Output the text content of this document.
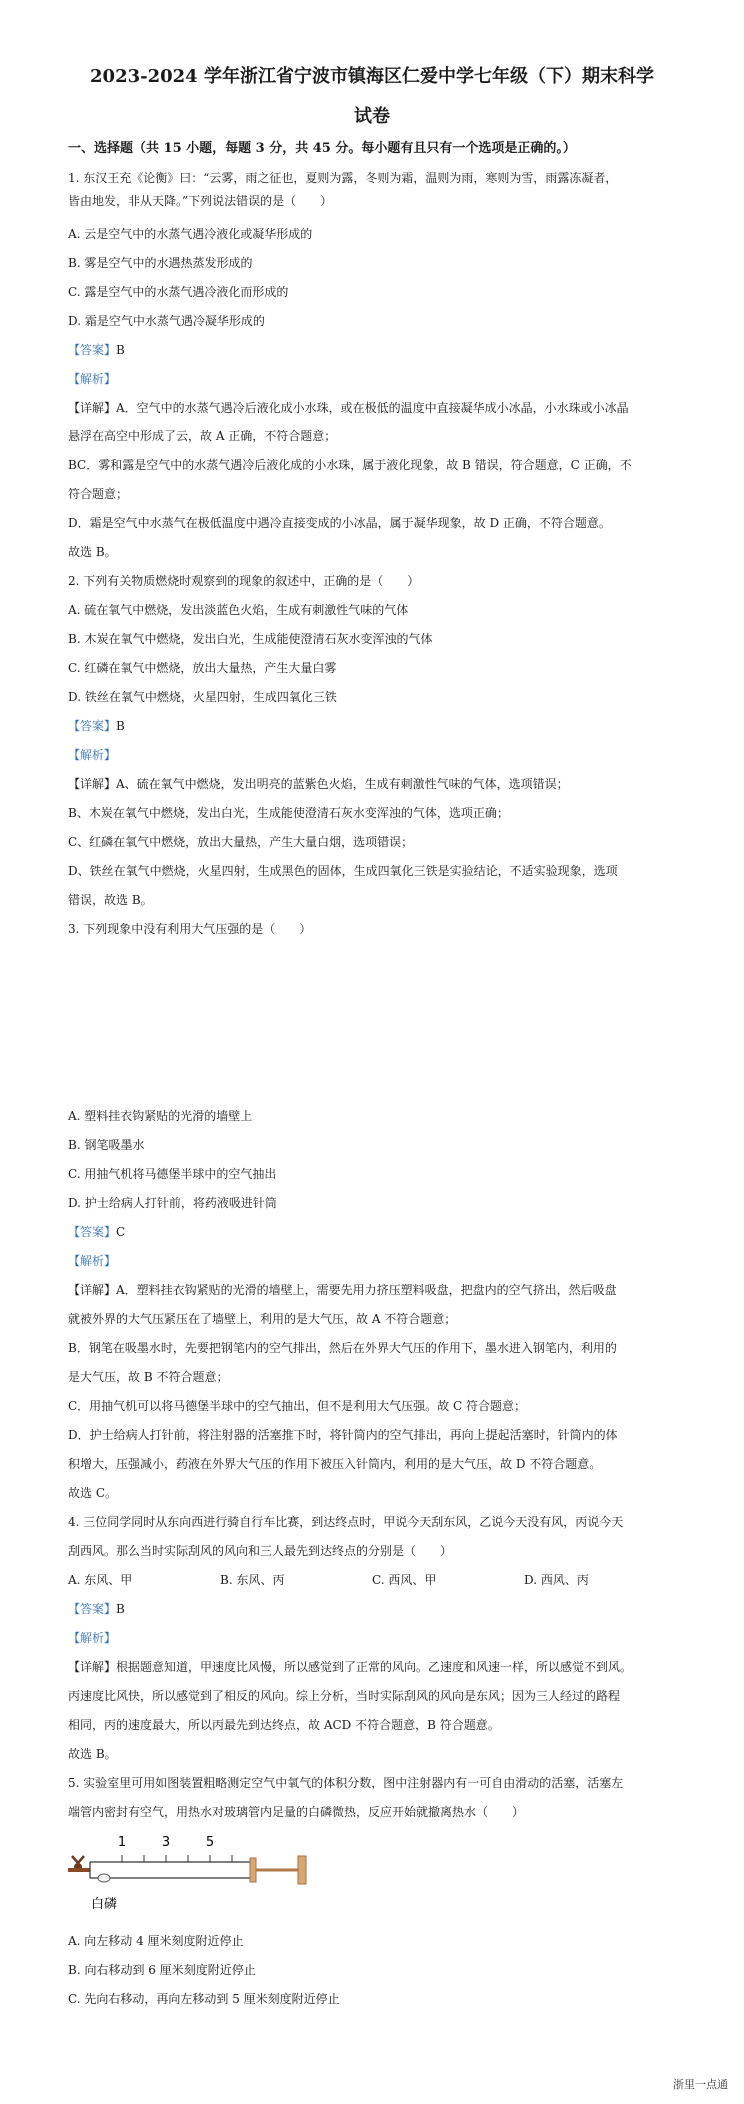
2023-2024 学年浙江省宁波市镇海区仁爱中学七年级（下）期末科学
试卷
一、选择题（共 15 小题，每题 3 分，共 45 分。每小题有且只有一个选项是正确的。）
1. 东汉王充《论衡》曰：“云雾，雨之征也，夏则为露，冬则为霜，温则为雨，寒则为雪，雨露冻凝者，
皆由地发，非从天降。”下列说法错误的是（　　）
A. 云是空气中的水蒸气遇冷液化或凝华形成的
B. 雾是空气中的水遇热蒸发形成的
C. 露是空气中的水蒸气遇冷液化而形成的
D. 霜是空气中水蒸气遇冷凝华形成的
【答案】B
【解析】
【详解】A．空气中的水蒸气遇冷后液化成小水珠，或在极低的温度中直接凝华成小冰晶，小水珠或小冰晶
悬浮在高空中形成了云，故 A 正确，不符合题意；
BC．雾和露是空气中的水蒸气遇冷后液化成的小水珠，属于液化现象，故 B 错误，符合题意，C 正确，不
符合题意；
D．霜是空气中水蒸气在极低温度中遇冷直接变成的小冰晶，属于凝华现象，故 D 正确，不符合题意。
故选 B。
2. 下列有关物质燃烧时观察到的现象的叙述中，正确的是（　　）
A. 硫在氧气中燃烧，发出淡蓝色火焰，生成有刺激性气味的气体
B. 木炭在氧气中燃烧，发出白光，生成能使澄清石灰水变浑浊的气体
C. 红磷在氧气中燃烧，放出大量热，产生大量白雾
D. 铁丝在氧气中燃烧，火星四射，生成四氧化三铁
【答案】B
【解析】
【详解】A、硫在氧气中燃烧，发出明亮的蓝紫色火焰，生成有刺激性气味的气体，选项错误；
B、木炭在氧气中燃烧，发出白光，生成能使澄清石灰水变浑浊的气体，选项正确；
C、红磷在氧气中燃烧，放出大量热，产生大量白烟，选项错误；
D、铁丝在氧气中燃烧，火星四射，生成黑色的固体，生成四氧化三铁是实验结论，不适实验现象，选项
错误，故选 B。
3. 下列现象中没有利用大气压强的是（　　）
A. 塑料挂衣钩紧贴的光滑的墙壁上
B. 钢笔吸墨水
C. 用抽气机将马德堡半球中的空气抽出
D. 护士给病人打针前，将药液吸进针筒
【答案】C
【解析】
【详解】A．塑料挂衣钩紧贴的光滑的墙壁上，需要先用力挤压塑料吸盘，把盘内的空气挤出，然后吸盘
就被外界的大气压紧压在了墙壁上，利用的是大气压，故 A 不符合题意；
B．钢笔在吸墨水时，先要把钢笔内的空气排出，然后在外界大气压的作用下，墨水进入钢笔内，利用的
是大气压，故 B 不符合题意；
C．用抽气机可以将马德堡半球中的空气抽出，但不是利用大气压强。故 C 符合题意；
D．护士给病人打针前，将注射器的活塞推下时，将针筒内的空气排出，再向上提起活塞时，针筒内的体
积增大，压强减小，药液在外界大气压的作用下被压入针筒内，利用的是大气压，故 D 不符合题意。
故选 C。
4. 三位同学同时从东向西进行骑自行车比赛，到达终点时，甲说今天刮东风，乙说今天没有风，丙说今天
刮西风。那么当时实际刮风的风向和三人最先到达终点的分别是（　　）
A. 东风、甲	B. 东风、丙	C. 西风、甲	D. 西风、丙
【答案】B
【解析】
【详解】根据题意知道，甲速度比风慢，所以感觉到了正常的风向。乙速度和风速一样，所以感觉不到风。
丙速度比风快，所以感觉到了相反的风向。综上分析，当时实际刮风的风向是东风；因为三人经过的路程
相同，丙的速度最大，所以丙最先到达终点，故 ACD 不符合题意，B 符合题意。
故选 B。
5. 实验室里可用如图装置粗略测定空气中氧气的体积分数，图中注射器内有一可自由滑动的活塞，活塞左
端管内密封有空气，用热水对玻璃管内足量的白磷微热，反应开始就撤离热水（　　）
1	3	5
白磷
A. 向左移动 4 厘米刻度附近停止
B. 向右移动到 6 厘米刻度附近停止
C. 先向右移动，再向左移动到 5 厘米刻度附近停止
浙里一点通
